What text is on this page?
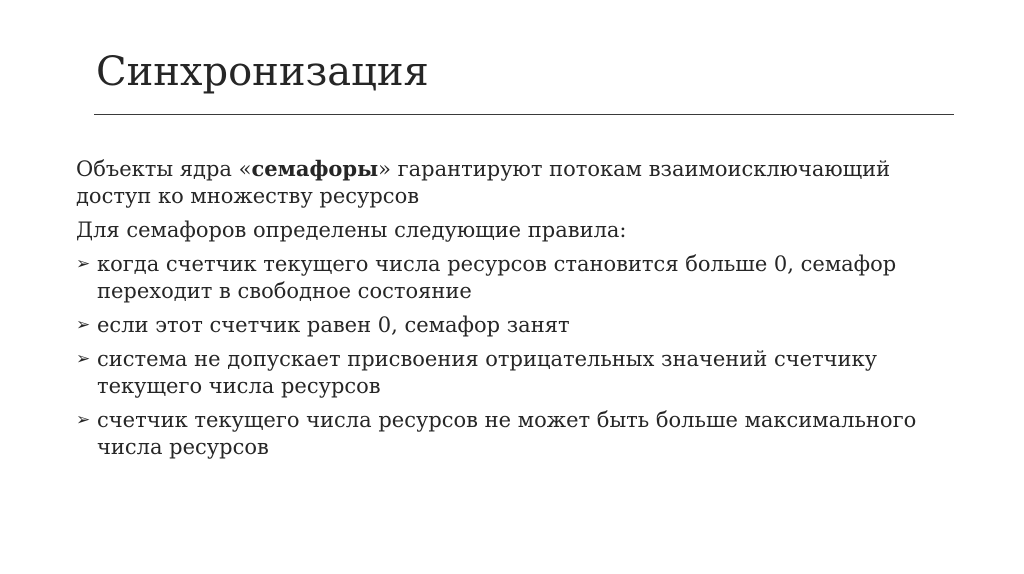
Синхронизация

Объекты ядра «семафоры» гарантируют потокам взаимоисключающий доступ ко множеству ресурсов

Для семафоров определены следующие правила:

➢ когда счетчик текущего числа ресурсов становится больше 0, семафор переходит в свободное состояние
➢ если этот счетчик равен 0, семафор занят
➢ система не допускает присвоения отрицательных значений счетчику текущего числа ресурсов
➢ счетчик текущего числа ресурсов не может быть больше максимального числа ресурсов
